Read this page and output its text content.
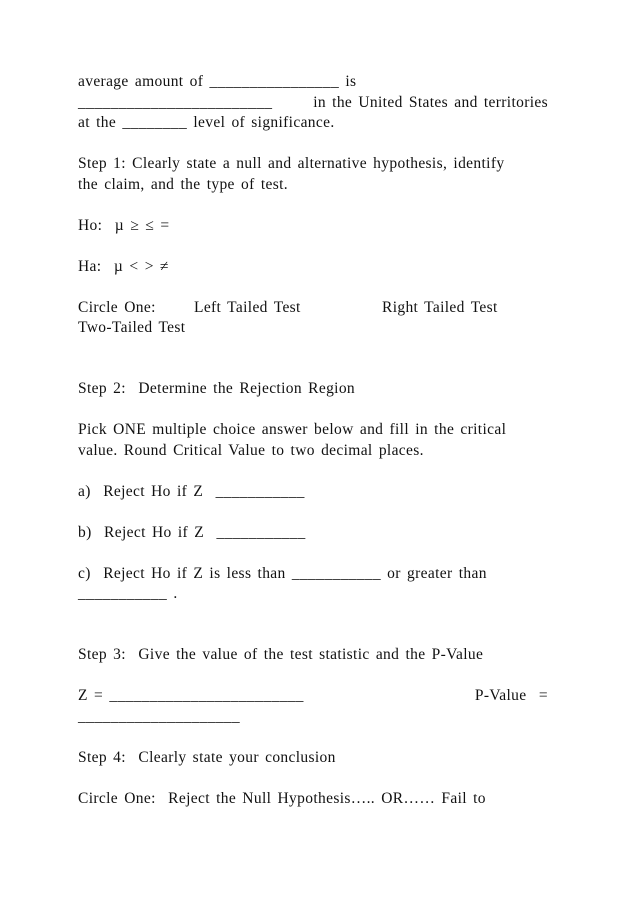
average amount of ________________ is
________________________	in the United States and territories
at the ________ level of significance.
Step 1: Clearly state a null and alternative hypothesis, identify
the claim, and the type of test.
Ho:  µ ≥ ≤ =
Ha:  µ < > ≠
Circle One:	Left Tailed Test	Right Tailed Test
Two-Tailed Test
Step 2:  Determine the Rejection Region
Pick ONE multiple choice answer below and fill in the critical
value. Round Critical Value to two decimal places.
a)  Reject Ho if Z  ___________
b)  Reject Ho if Z  ___________
c)  Reject Ho if Z is less than ___________ or greater than
___________ .
Step 3:  Give the value of the test statistic and the P-Value
Z = ________________________	P-Value  =
____________________
Step 4:  Clearly state your conclusion
Circle One:  Reject the Null Hypothesis….. OR…… Fail to
